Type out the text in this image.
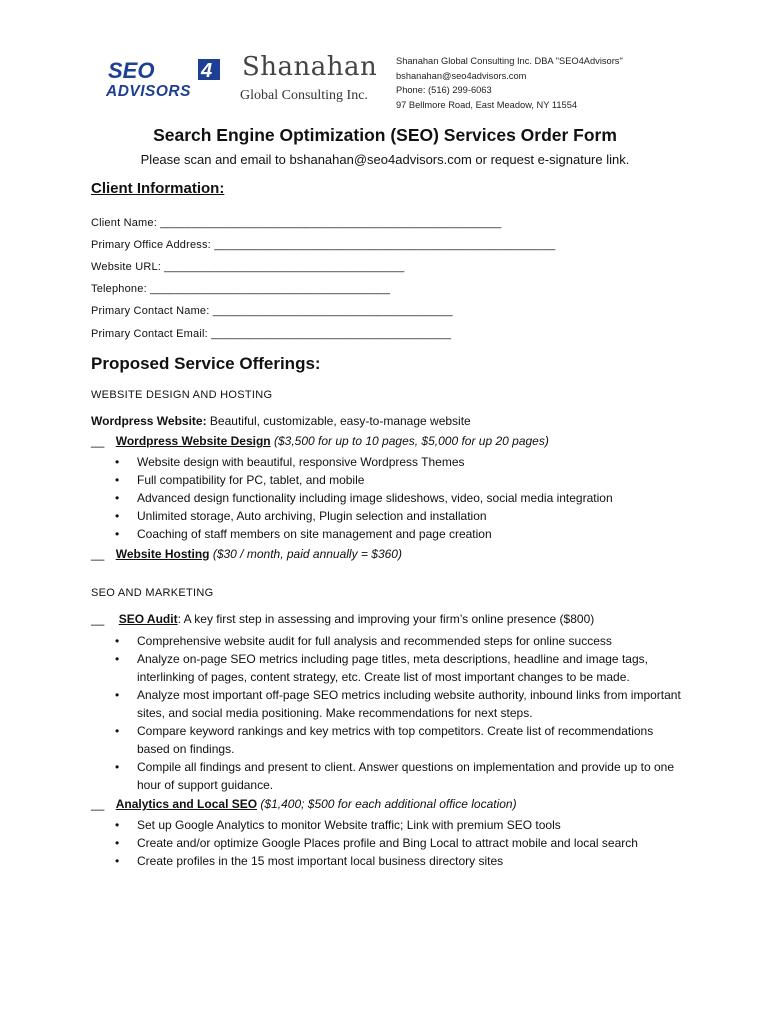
SEO 4
ADVISORS
Shanahan
Global Consulting Inc.
Shanahan Global Consulting Inc. DBA "SEO4Advisors"
bshanahan@seo4advisors.com
Phone: (516) 299-6063
97 Bellmore Road, East Meadow, NY 11554
Search Engine Optimization (SEO) Services Order Form
Please scan and email to bshanahan@seo4advisors.com or request e-signature link.
Client Information:
Client Name: ______________________________________________________
Primary Office Address: ______________________________________________________
Website URL: ______________________________________
Telephone: ______________________________________
Primary Contact Name: ______________________________________
Primary Contact Email: ______________________________________
Proposed Service Offerings:
WEBSITE DESIGN AND HOSTING
Wordpress Website: Beautiful, customizable, easy-to-manage website
__ Wordpress Website Design ($3,500 for up to 10 pages, $5,000 for up 20 pages)
• Website design with beautiful, responsive Wordpress Themes
• Full compatibility for PC, tablet, and mobile
• Advanced design functionality including image slideshows, video, social media integration
• Unlimited storage, Auto archiving, Plugin selection and installation
• Coaching of staff members on site management and page creation
__ Website Hosting ($30 / month, paid annually = $360)
SEO AND MARKETING
__ SEO Audit: A key first step in assessing and improving your firm’s online presence ($800)
• Comprehensive website audit for full analysis and recommended steps for online success
• Analyze on-page SEO metrics including page titles, meta descriptions, headline and image tags, interlinking of pages, content strategy, etc. Create list of most important changes to be made.
• Analyze most important off-page SEO metrics including website authority, inbound links from important sites, and social media positioning. Make recommendations for next steps.
• Compare keyword rankings and key metrics with top competitors. Create list of recommendations based on findings.
• Compile all findings and present to client. Answer questions on implementation and provide up to one hour of support guidance.
__ Analytics and Local SEO ($1,400; $500 for each additional office location)
• Set up Google Analytics to monitor Website traffic; Link with premium SEO tools
• Create and/or optimize Google Places profile and Bing Local to attract mobile and local search
• Create profiles in the 15 most important local business directory sites
